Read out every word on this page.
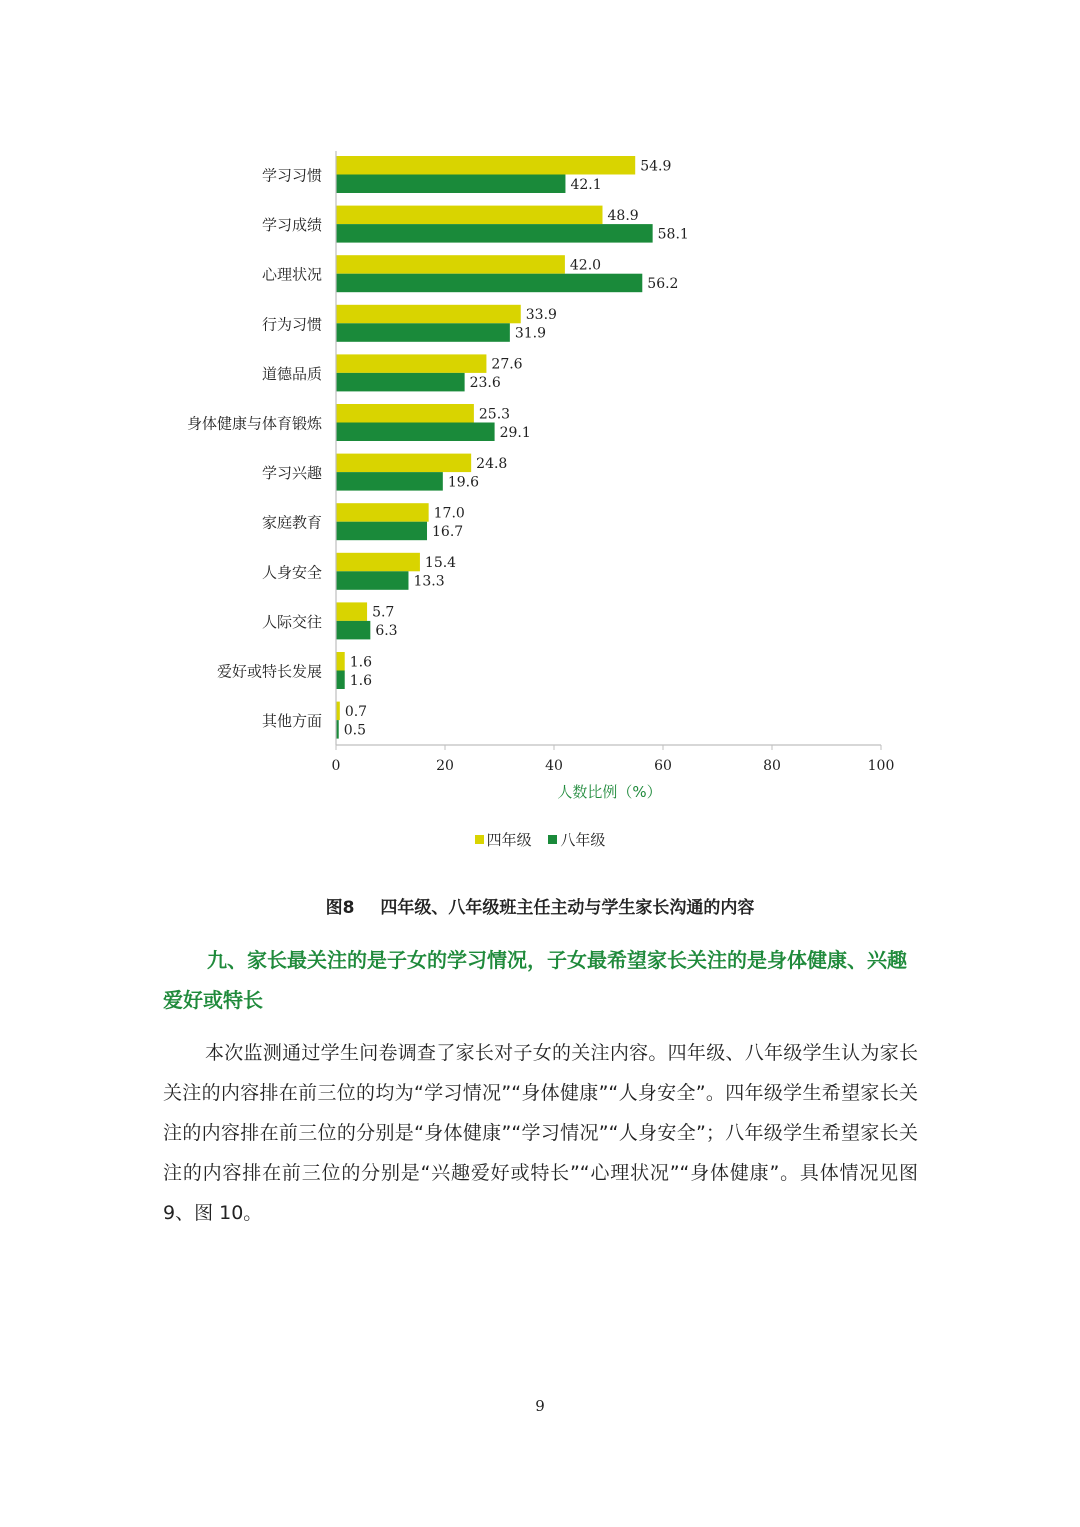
学习习惯
54.9
42.1
学习成绩
48.9
58.1
心理状况
42.0
56.2
行为习惯
33.9
31.9
道德品质
27.6
23.6
身体健康与体育锻炼
25.3
29.1
学习兴趣
24.8
19.6
家庭教育
17.0
16.7
人身安全
15.4
13.3
人际交往
5.7
6.3
爱好或特长发展
1.6
1.6
其他方面
0.7
0.5
0	20	40	60	80	100
人数比例（%）
四年级
八年级
图8 四年级、八年级班主任主动与学生家长沟通的内容
九、家长最关注的是子女的学习情况，子女最希望家长关注的是身体健康、兴趣爱好或特长
本次监测通过学生问卷调查了家长对子女的关注内容。四年级、八年级学生认为家长关注的内容排在前三位的均为“学习情况”“身体健康”“人身安全”。四年级学生希望家长关注的内容排在前三位的分别是“身体健康”“学习情况”“人身安全”；八年级学生希望家长关注的内容排在前三位的分别是“兴趣爱好或特长”“心理状况”“身体健康”。具体情况见图 9、图 10。
9
